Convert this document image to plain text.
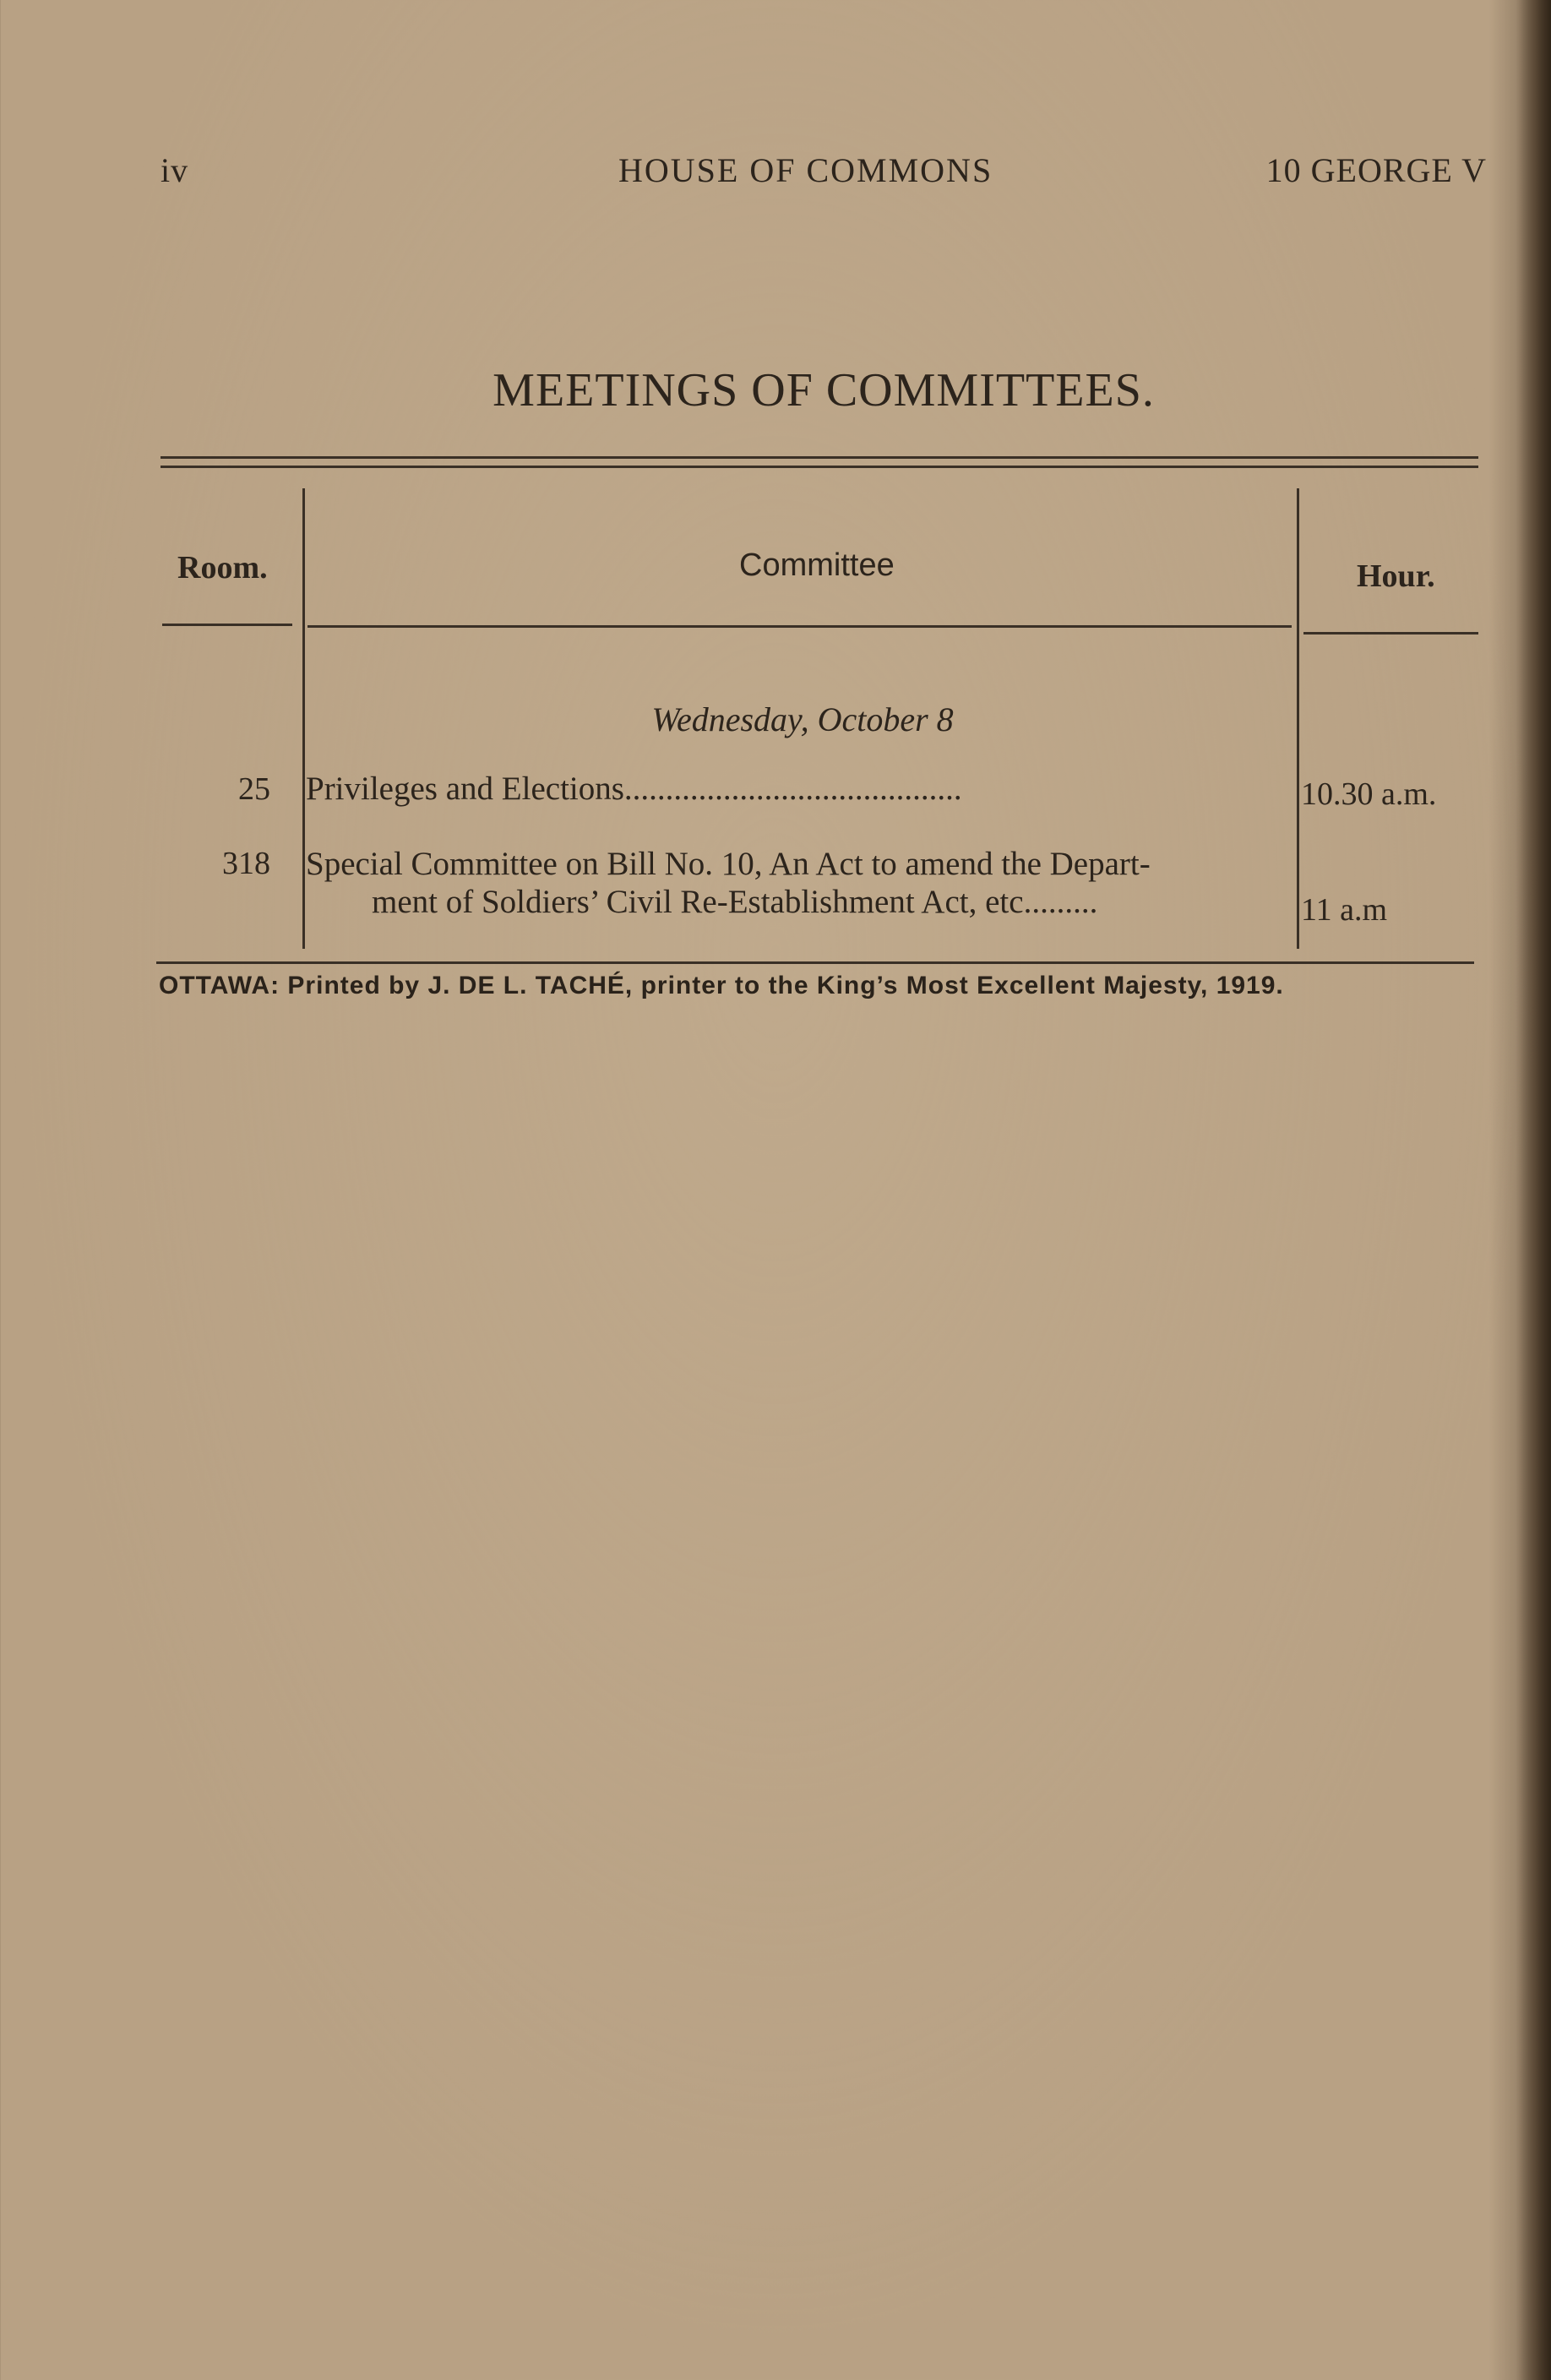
iv	HOUSE OF COMMONS	10 GEORGE V
MEETINGS OF COMMITTEES.
Room.	Committee	Hour.
Wednesday, October 8
25 Privileges and Elections.........................................	10.30 a.m.
318 Special Committee on Bill No. 10, An Act to amend the Depart-
ment of Soldiers’ Civil Re-Establishment Act, etc.........	11 a.m
OTTAWA: Printed by J. DE L. TACHÉ, printer to the King’s Most Excellent Majesty, 1919.
